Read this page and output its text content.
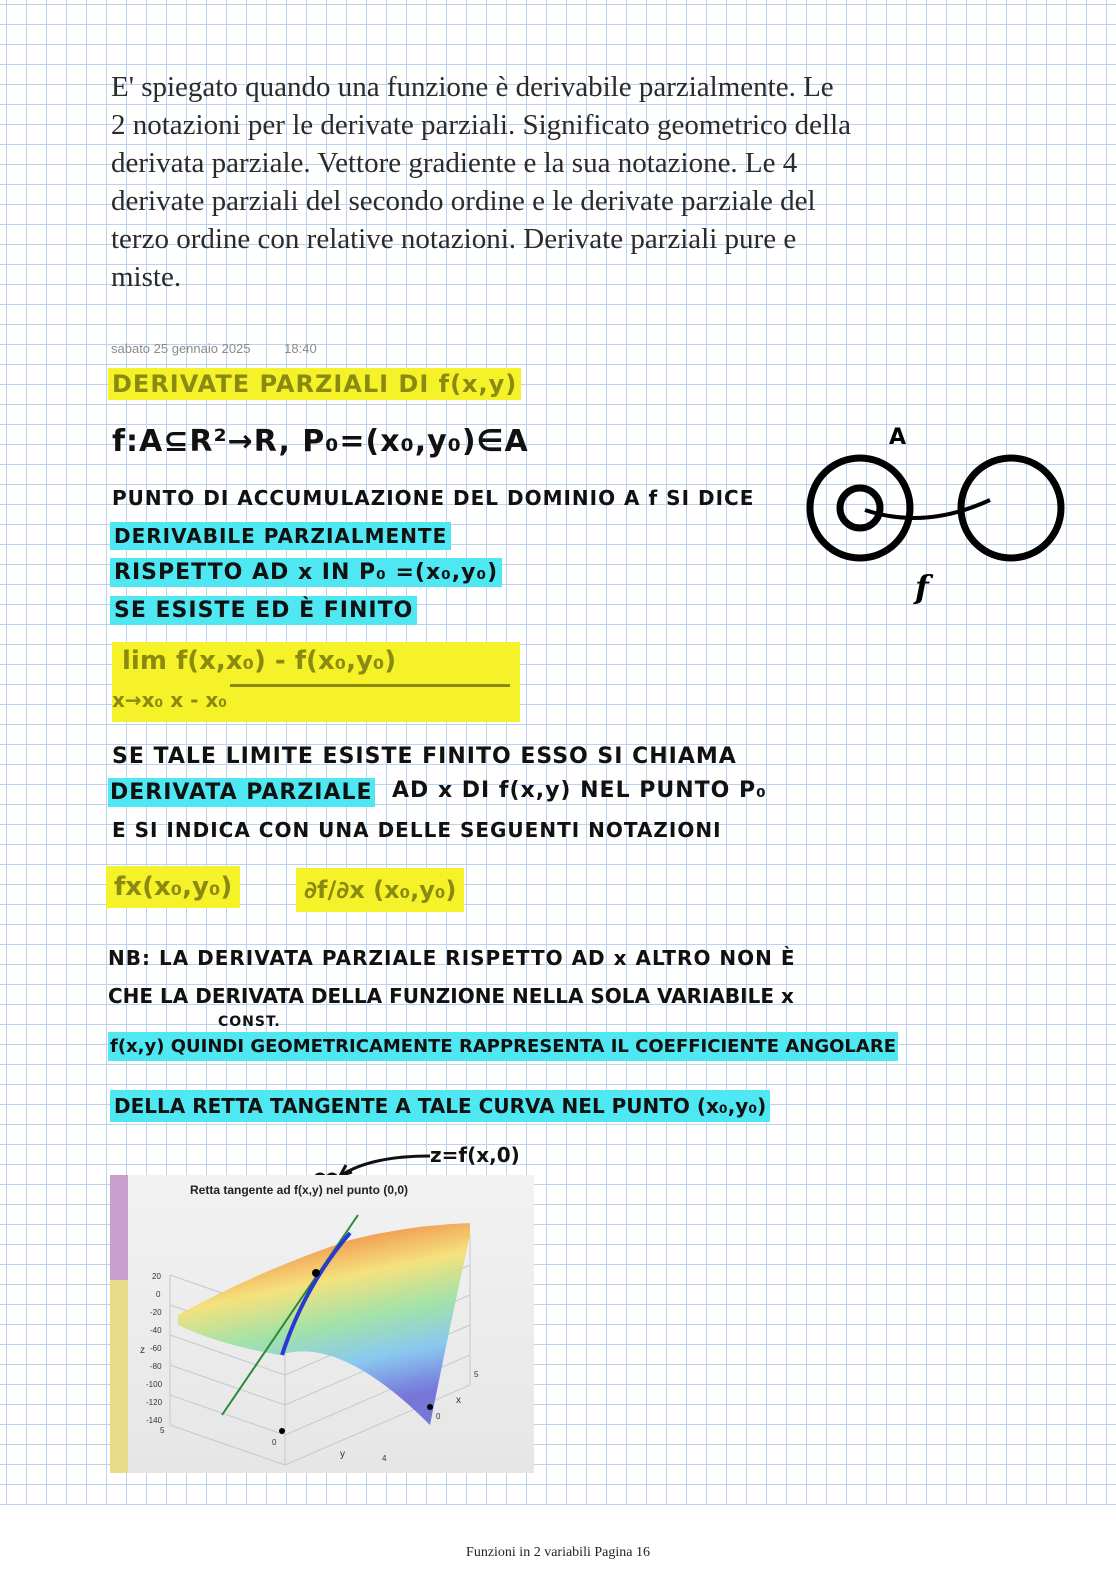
E' spiegato quando una funzione è derivabile parzialmente. Le 2 notazioni per le derivate parziali. Significato geometrico della derivata parziale. Vettore gradiente e la sua notazione. Le 4 derivate parziali del secondo ordine e le derivate parziale del terzo ordine con relative notazioni. Derivate parziali pure e miste.

sabato 25 gennaio 2025	18:40
DERIVATE PARZIALI DI f(x,y)
f:A⊆R²→R, P₀=(x₀,y₀)∈A
PUNTO DI ACCUMULAZIONE DEL DOMINIO A f SI DICE
DERIVABILE PARZIALMENTE
RISPETTO AD x IN P₀ =(x₀,y₀)
SE ESISTE ED È FINITO
lim f(x,x₀) - f(x₀,y₀)
x→x₀ x - x₀
SE TALE LIMITE ESISTE FINITO ESSO SI CHIAMA
DERIVATA PARZIALE AD x DI f(x,y) NEL PUNTO P₀
E SI INDICA CON UNA DELLE SEGUENTI NOTAZIONI
fx(x₀,y₀)	∂f/∂x (x₀,y₀)
NB: LA DERIVATA PARZIALE RISPETTO AD x ALTRO NON È
CHE LA DERIVATA DELLA FUNZIONE NELLA SOLA VARIABILE x
CONST.
f(x,y) QUINDI GEOMETRICAMENTE RAPPRESENTA IL COEFFICIENTE ANGOLARE
DELLA RETTA TANGENTE A TALE CURVA NEL PUNTO (x₀,y₀)
z=f(x,0)
A
f
Retta tangente ad f(x,y) nel punto (0,0)
20
0
-20
-40
-60
-80
-100
-120
-140
5
z
x
y
5
0
0
4
Funzioni in 2 variabili Pagina 16
